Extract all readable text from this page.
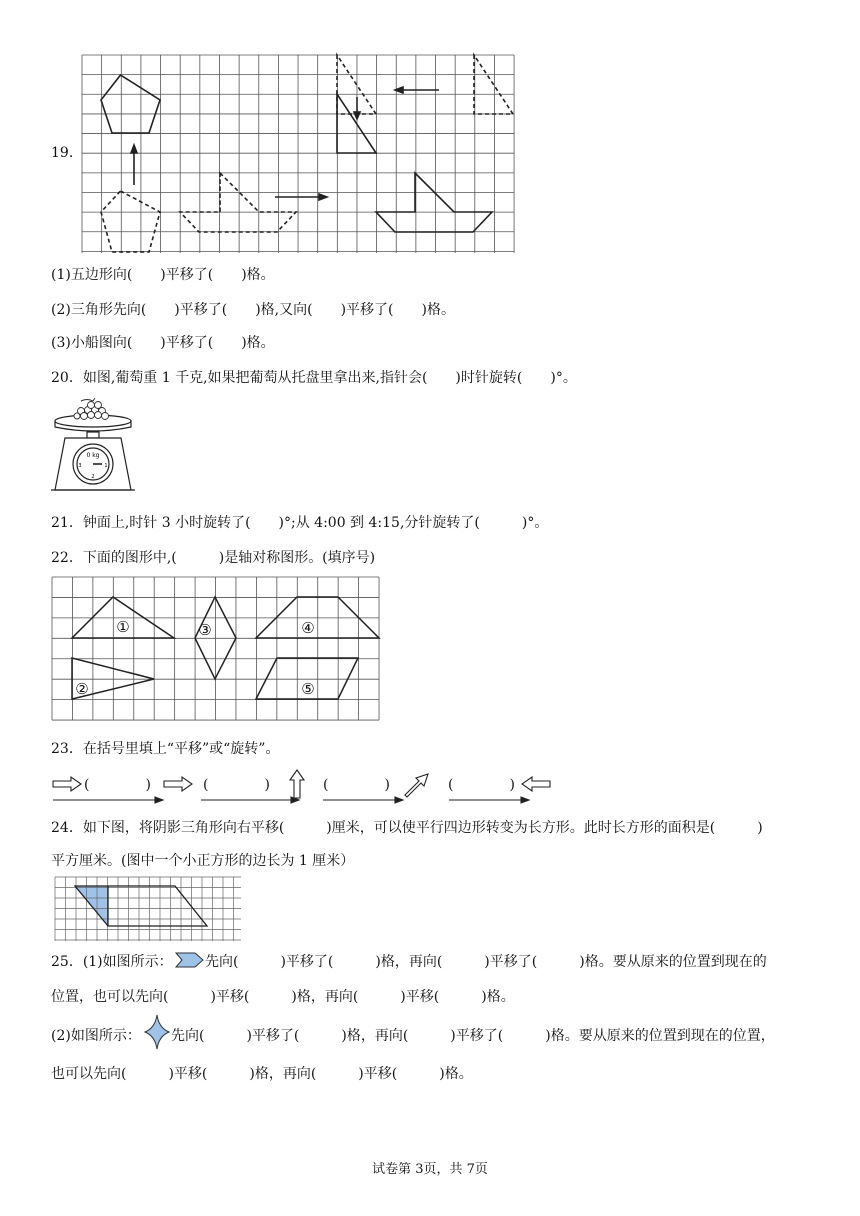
19.
(1)五边形向(　　)平移了(　　)格。
(2)三角形先向(　　)平移了(　　)格,又向(　　)平移了(　　)格。
(3)小船图向(　　)平移了(　　)格。
20．如图,葡萄重 1 千克,如果把葡萄从托盘里拿出来,指针会(　　)时针旋转(　　)°。
0 kg
3	1
2
21．钟面上,时针 3 小时旋转了(　　)°;从 4:00 到 4:15,分针旋转了(　　　)°。
22．下面的图形中,(　　　)是轴对称图形。(填序号)
①
②
③	④
⑤
23．在括号里填上“平移”或“旋转”。
(　　　　)	(　　　　)	(　　　　)	(　　　　)
24．如下图，将阴影三角形向右平移(　　　)厘米，可以使平行四边形转变为长方形。此时长方形的面积是(　　　)
平方厘米。(图中一个小正方形的边长为 1 厘米）
25．(1)如图所示： 先向(　　　)平移了(　　　)格，再向(　　　)平移了(　　　)格。要从原来的位置到现在的
位置，也可以先向(　　　)平移(　　　)格，再向(　　　)平移(　　　)格。
(2)如图所示： 先向(　　　)平移了(　　　)格，再向(　　　)平移了(　　　)格。要从原来的位置到现在的位置，
也可以先向(　　　)平移(　　　)格，再向(　　　)平移(　　　)格。
试卷第 3页，共 7页
